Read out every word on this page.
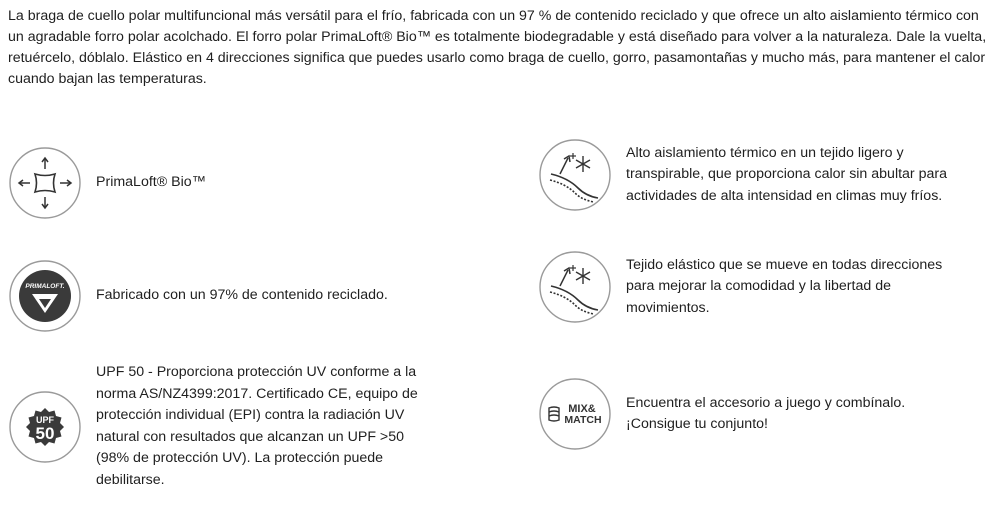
La braga de cuello polar multifuncional más versátil para el frío, fabricada con un 97 % de contenido reciclado y que ofrece un alto aislamiento térmico con un agradable forro polar acolchado. El forro polar PrimaLoft® Bio™ es totalmente biodegradable y está diseñado para volver a la naturaleza. Dale la vuelta, retuércelo, dóblalo. Elástico en 4 direcciones significa que puedes usarlo como braga de cuello, gorro, pasamontañas y mucho más, para mantener el calor cuando bajan las temperaturas.

PrimaLoft® Bio™
PRIMALOFT.
Fabricado con un 97% de contenido reciclado.
UPF
50
UPF 50 - Proporciona protección UV conforme a la norma AS/NZ4399:2017. Certificado CE, equipo de protección individual (EPI) contra la radiación UV natural con resultados que alcanzan un UPF >50 (98% de protección UV). La protección puede debilitarse.
Alto aislamiento térmico en un tejido ligero y transpirable, que proporciona calor sin abultar para actividades de alta intensidad en climas muy fríos.
Tejido elástico que se mueve en todas direcciones para mejorar la comodidad y la libertad de movimientos.
MIX&
MATCH
Encuentra el accesorio a juego y combínalo. ¡Consigue tu conjunto!
